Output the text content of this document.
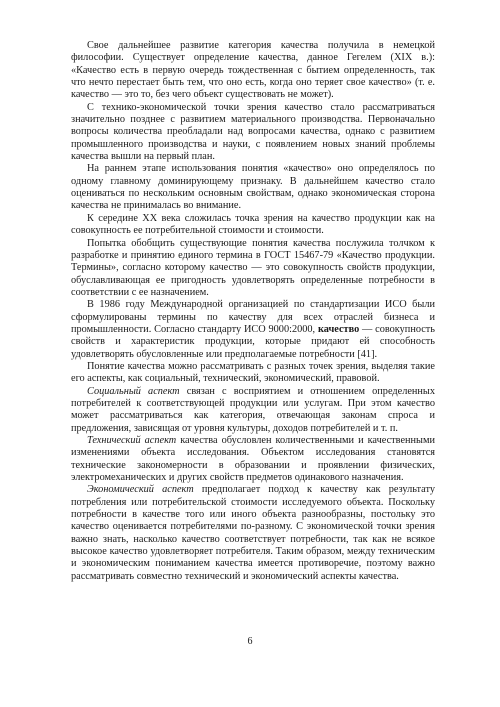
Свое дальнейшее развитие категория качества получила в немецкой философии. Существует определение качества, данное Гегелем (XIX в.): «Качество есть в первую очередь тождественная с бытием определенность, так что нечто перестает быть тем, что оно есть, когда оно теряет свое качество» (т. е. качество — это то, без чего объект существовать не может).

С технико-экономической точки зрения качество стало рассматриваться значительно позднее с развитием материального производства. Первоначально вопросы количества преобладали над вопросами качества, однако с развитием промышленного производства и науки, с появлением новых знаний проблемы качества вышли на первый план.

На раннем этапе использования понятия «качество» оно определялось по одному главному доминирующему признаку. В дальнейшем качество стало оцениваться по нескольким основным свойствам, однако экономическая сторона качества не принималась во внимание.

К середине XX века сложилась точка зрения на качество продукции как на совокупность ее потребительной стоимости и стоимости.

Попытка обобщить существующие понятия качества послужила толчком к разработке и принятию единого термина в ГОСТ 15467-79 «Качество продукции. Термины», согласно которому качество — это совокупность свойств продукции, обуславливающая ее пригодность удовлетворять определенные потребности в соответствии с ее назначением.

В 1986 году Международной организацией по стандартизации ИСО были сформулированы термины по качеству для всех отраслей бизнеса и промышленности. Согласно стандарту ИСО 9000:2000, качество — совокупность свойств и характеристик продукции, которые придают ей способность удовлетворять обусловленные или предполагаемые потребности [41].

Понятие качества можно рассматривать с разных точек зрения, выделяя такие его аспекты, как социальный, технический, экономический, правовой.

Социальный аспект связан с восприятием и отношением определенных потребителей к соответствующей продукции или услугам. При этом качество может рассматриваться как категория, отвечающая законам спроса и предложения, зависящая от уровня культуры, доходов потребителей и т. п.

Технический аспект качества обусловлен количественными и качественными изменениями объекта исследования. Объектом исследования становятся технические закономерности в образовании и проявлении физических, электромеханических и других свойств предметов одинакового назначения.

Экономический аспект предполагает подход к качеству как результату потребления или потребительской стоимости исследуемого объекта. Поскольку потребности в качестве того или иного объекта разнообразны, постольку это качество оценивается потребителями по-разному. С экономической точки зрения важно знать, насколько качество соответствует потребности, так как не всякое высокое качество удовлетворяет потребителя. Таким образом, между техническим и экономическим пониманием качества имеется противоречие, поэтому важно рассматривать совместно технический и экономический аспекты качества.

6
